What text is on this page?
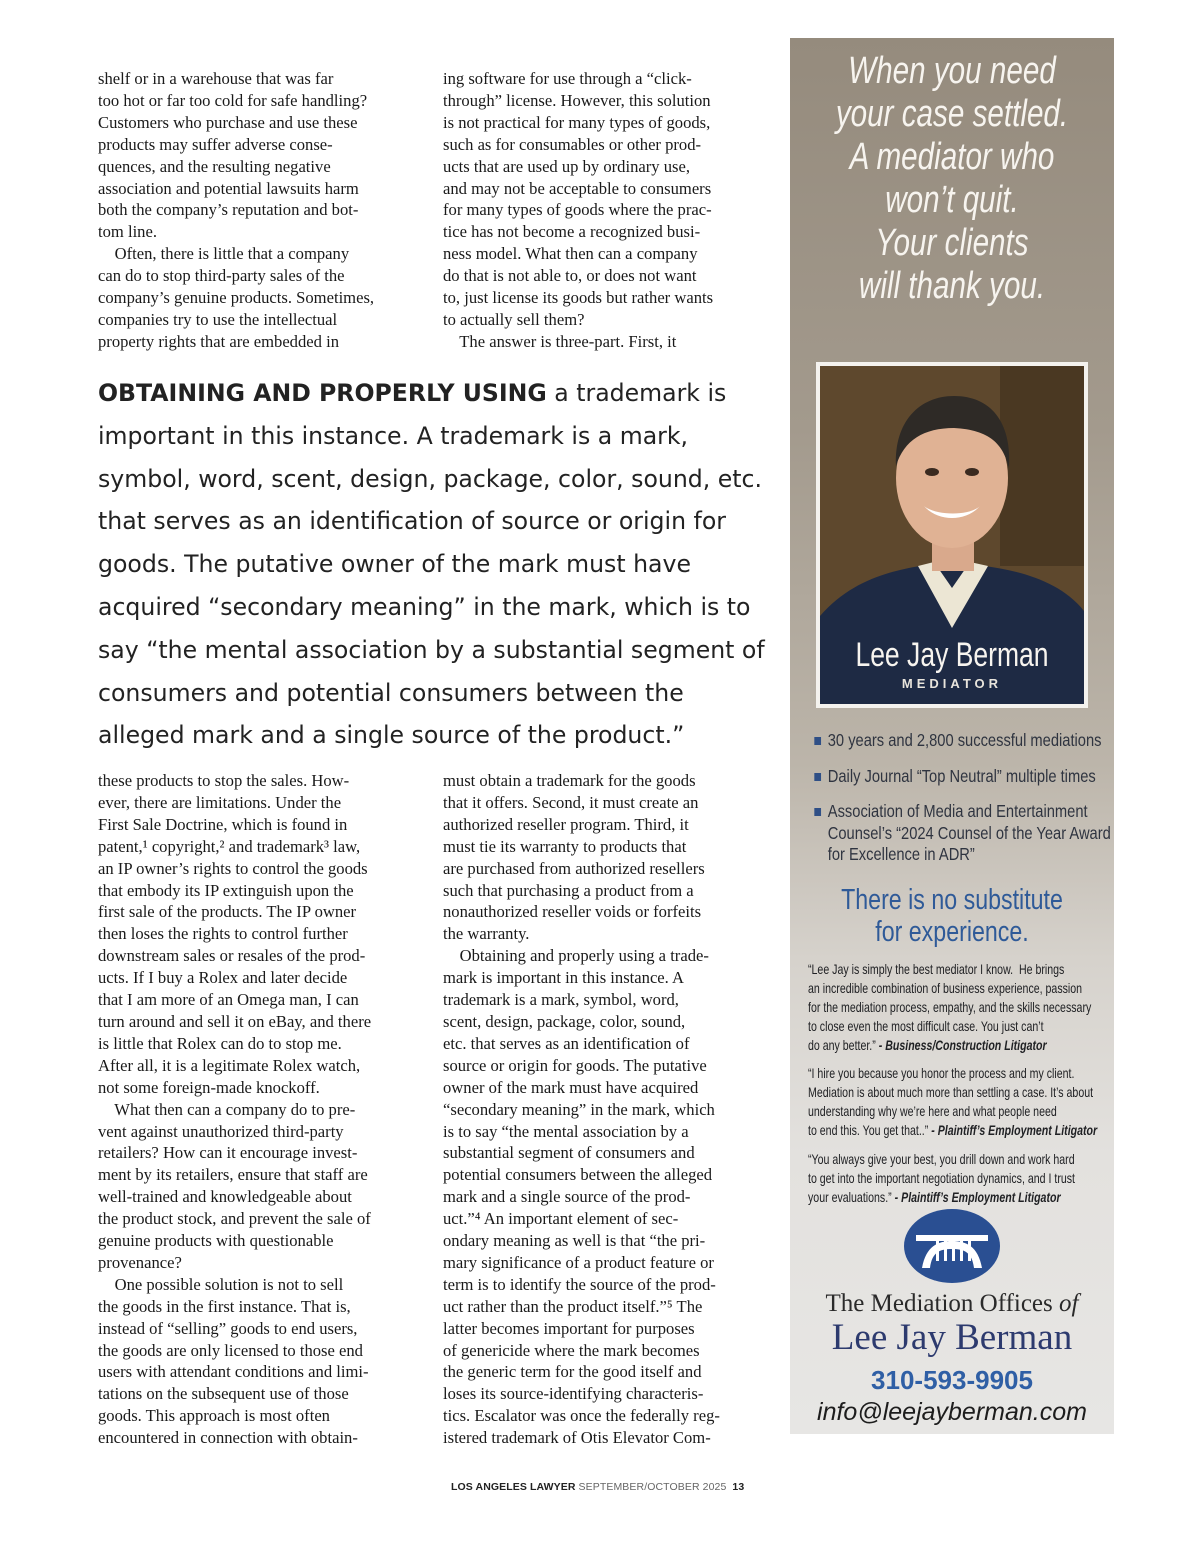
shelf or in a warehouse that was far
too hot or far too cold for safe handling?
Customers who purchase and use these
products may suffer adverse conse-
quences, and the resulting negative
association and potential lawsuits harm
both the company’s reputation and bot-
tom line.
Often, there is little that a company
can do to stop third-party sales of the
company’s genuine products. Sometimes,
companies try to use the intellectual
property rights that are embedded in

ing software for use through a “click-
through” license. However, this solution
is not practical for many types of goods,
such as for consumables or other prod-
ucts that are used up by ordinary use,
and may not be acceptable to consumers
for many types of goods where the prac-
tice has not become a recognized busi-
ness model. What then can a company
do that is not able to, or does not want
to, just license its goods but rather wants
to actually sell them?
The answer is three-part. First, it

OBTAINING AND PROPERLY USING a trademark is
important in this instance. A trademark is a mark,
symbol, word, scent, design, package, color, sound, etc.
that serves as an identification of source or origin for
goods. The putative owner of the mark must have
acquired “secondary meaning” in the mark, which is to
say “the mental association by a substantial segment of
consumers and potential consumers between the
alleged mark and a single source of the product.”

these products to stop the sales. How-
ever, there are limitations. Under the
First Sale Doctrine, which is found in
patent,¹ copyright,² and trademark³ law,
an IP owner’s rights to control the goods
that embody its IP extinguish upon the
first sale of the products. The IP owner
then loses the rights to control further
downstream sales or resales of the prod-
ucts. If I buy a Rolex and later decide
that I am more of an Omega man, I can
turn around and sell it on eBay, and there
is little that Rolex can do to stop me.
After all, it is a legitimate Rolex watch,
not some foreign-made knockoff.
What then can a company do to pre-
vent against unauthorized third-party
retailers? How can it encourage invest-
ment by its retailers, ensure that staff are
well-trained and knowledgeable about
the product stock, and prevent the sale of
genuine products with questionable
provenance?
One possible solution is not to sell
the goods in the first instance. That is,
instead of “selling” goods to end users,
the goods are only licensed to those end
users with attendant conditions and limi-
tations on the subsequent use of those
goods. This approach is most often
encountered in connection with obtain-

must obtain a trademark for the goods
that it offers. Second, it must create an
authorized reseller program. Third, it
must tie its warranty to products that
are purchased from authorized resellers
such that purchasing a product from a
nonauthorized reseller voids or forfeits
the warranty.
Obtaining and properly using a trade-
mark is important in this instance. A
trademark is a mark, symbol, word,
scent, design, package, color, sound,
etc. that serves as an identification of
source or origin for goods. The putative
owner of the mark must have acquired
“secondary meaning” in the mark, which
is to say “the mental association by a
substantial segment of consumers and
potential consumers between the alleged
mark and a single source of the prod-
uct.”⁴ An important element of sec-
ondary meaning as well is that “the pri-
mary significance of a product feature or
term is to identify the source of the prod-
uct rather than the product itself.”⁵ The
latter becomes important for purposes
of genericide where the mark becomes
the generic term for the good itself and
loses its source-identifying characteris-
tics. Escalator was once the federally reg-
istered trademark of Otis Elevator Com-

LOS ANGELES LAWYER SEPTEMBER/OCTOBER 2025 13

When you need
your case settled.
A mediator who
won’t quit.
Your clients
will thank you.

Lee Jay Berman

MEDIATOR

30 years and 2,800 successful mediations
Daily Journal “Top Neutral” multiple times
Association of Media and Entertainment
Counsel’s “2024 Counsel of the Year Award
for Excellence in ADR”

There is no substitute
for experience.

“Lee Jay is simply the best mediator I know.  He brings
an incredible combination of business experience, passion
for the mediation process, empathy, and the skills necessary
to close even the most difficult case. You just can’t
do any better.” - Business/Construction Litigator

“I hire you because you honor the process and my client.
Mediation is about much more than settling a case. It’s about
understanding why we’re here and what people need
to end this. You get that..” - Plaintiff’s Employment Litigator

“You always give your best, you drill down and work hard
to get into the important negotiation dynamics, and I trust
your evaluations.” - Plaintiff’s Employment Litigator

The Mediation Offices of

Lee Jay Berman

310-593-9905

info@leejayberman.com
